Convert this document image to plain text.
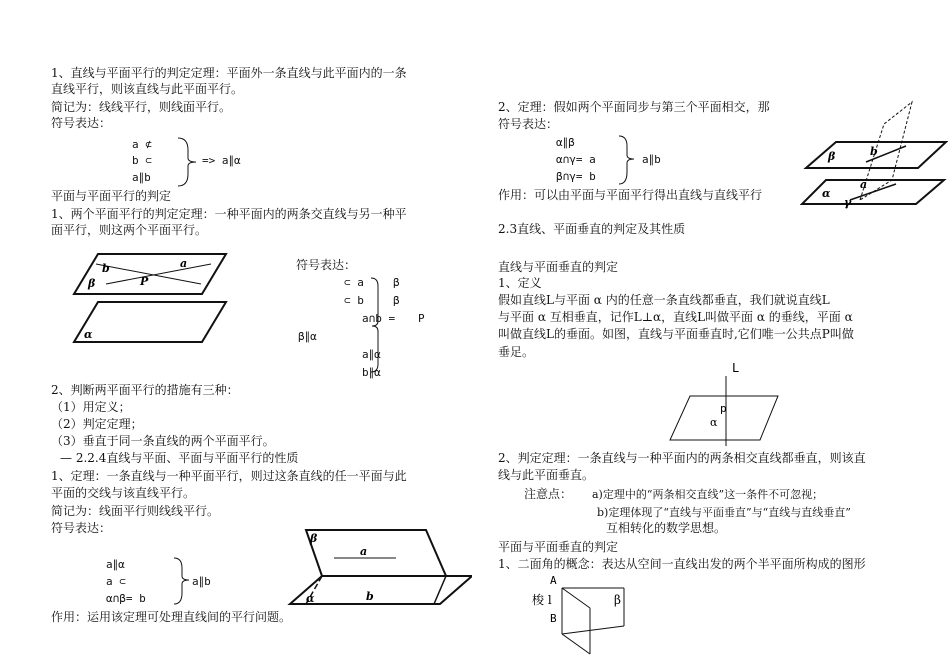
1、直线与平面平行的判定定理：平面外一条直线与此平面内的一条
直线平行，则该直线与此平面平行。
简记为：线线平行，则线面平行。
符号表达：
a ⊄
b ⊂
a∥b
=> a∥α
平面与平面平行的判定
1、两个平面平行的判定定理：一种平面内的两条交直线与另一种平
面平行，则这两个平面平行。
b	a
β	P
α
符号表达：
⊂ a	β
⊂ b	β
a∩b = P
β∥α
a∥α
b∥α
2、判断两平面平行的措施有三种：
（1）用定义；
（2）判定定理；
（3）垂直于同一条直线的两个平面平行。
— 2.2.4直线与平面、平面与平面平行的性质
1、定理：一条直线与一种平面平行，则过这条直线的任一平面与此
平面的交线与该直线平行。
简记为：线面平行则线线平行。
符号表达：
a∥α
a ⊂
α∩β= b
a∥b
作用：运用该定理可处理直线间的平行问题。
β
a
α	b
2、定理：假如两个平面同步与第三个平面相交，那
符号表达：
α∥β
α∩γ= a
β∩γ= b
a∥b
作用：可以由平面与平面平行得出直线与直线平行
β	b
α
a
γ
2.3直线、平面垂直的判定及其性质
直线与平面垂直的判定
1、定义
假如直线L与平面 α 内的任意一条直线都垂直，我们就说直线L
与平面 α 互相垂直，记作L⊥α，直线L叫做平面 α 的垂线，平面 α
叫做直线L的垂面。如图，直线与平面垂直时,它们唯一公共点P叫做
垂足。
L
p
α
2、判定定理：一条直线与一种平面内的两条相交直线都垂直，则该直
线与此平面垂直。
注意点： a)定理中的“两条相交直线”这一条件不可忽视；
b)定理体现了“直线与平面垂直”与“直线与直线垂直”
互相转化的数学思想。
平面与平面垂直的判定
1、二面角的概念：表达从空间一直线出发的两个半平面所构成的图形
A
梭 l	β
B
